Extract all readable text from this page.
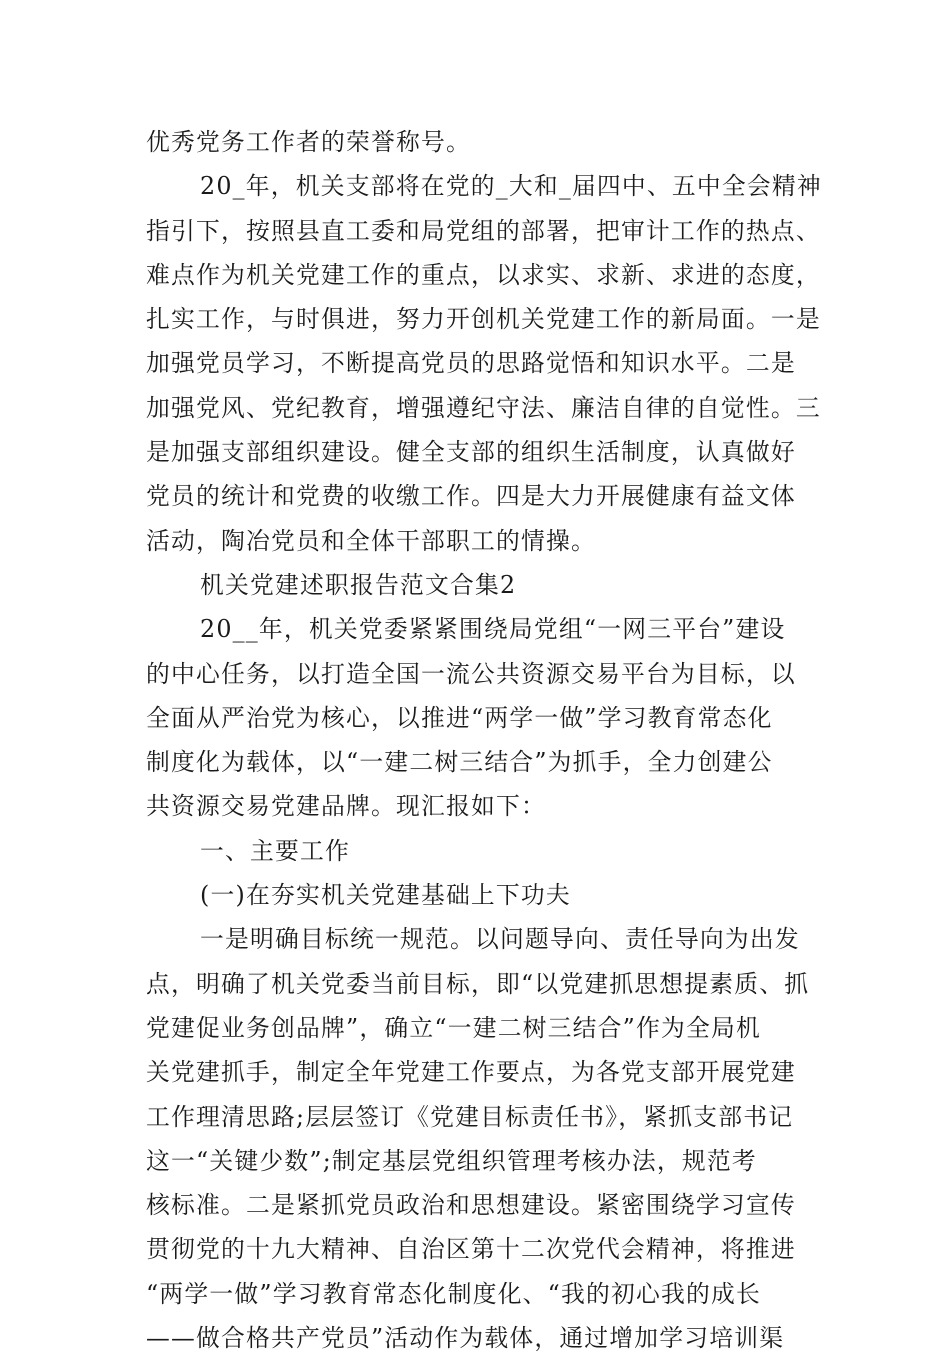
优秀党务工作者的荣誉称号。
20_年，机关支部将在党的_大和_届四中、五中全会精神
指引下，按照县直工委和局党组的部署，把审计工作的热点、
难点作为机关党建工作的重点，以求实、求新、求进的态度，
扎实工作，与时俱进，努力开创机关党建工作的新局面。一是
加强党员学习，不断提高党员的思路觉悟和知识水平。二是
加强党风、党纪教育，增强遵纪守法、廉洁自律的自觉性。三
是加强支部组织建设。健全支部的组织生活制度，认真做好
党员的统计和党费的收缴工作。四是大力开展健康有益文体
活动，陶冶党员和全体干部职工的情操。
机关党建述职报告范文合集2
20__年，机关党委紧紧围绕局党组“一网三平台”建设
的中心任务，以打造全国一流公共资源交易平台为目标，以
全面从严治党为核心，以推进“两学一做”学习教育常态化
制度化为载体，以“一建二树三结合”为抓手，全力创建公
共资源交易党建品牌。现汇报如下：
一、主要工作
(一)在夯实机关党建基础上下功夫
一是明确目标统一规范。以问题导向、责任导向为出发
点，明确了机关党委当前目标，即“以党建抓思想提素质、抓
党建促业务创品牌”，确立“一建二树三结合”作为全局机
关党建抓手，制定全年党建工作要点，为各党支部开展党建
工作理清思路;层层签订《党建目标责任书》，紧抓支部书记
这一“关键少数”;制定基层党组织管理考核办法，规范考
核标准。二是紧抓党员政治和思想建设。紧密围绕学习宣传
贯彻党的十九大精神、自治区第十二次党代会精神，将推进
“两学一做”学习教育常态化制度化、“我的初心我的成长
——做合格共产党员”活动作为载体，通过增加学习培训渠
